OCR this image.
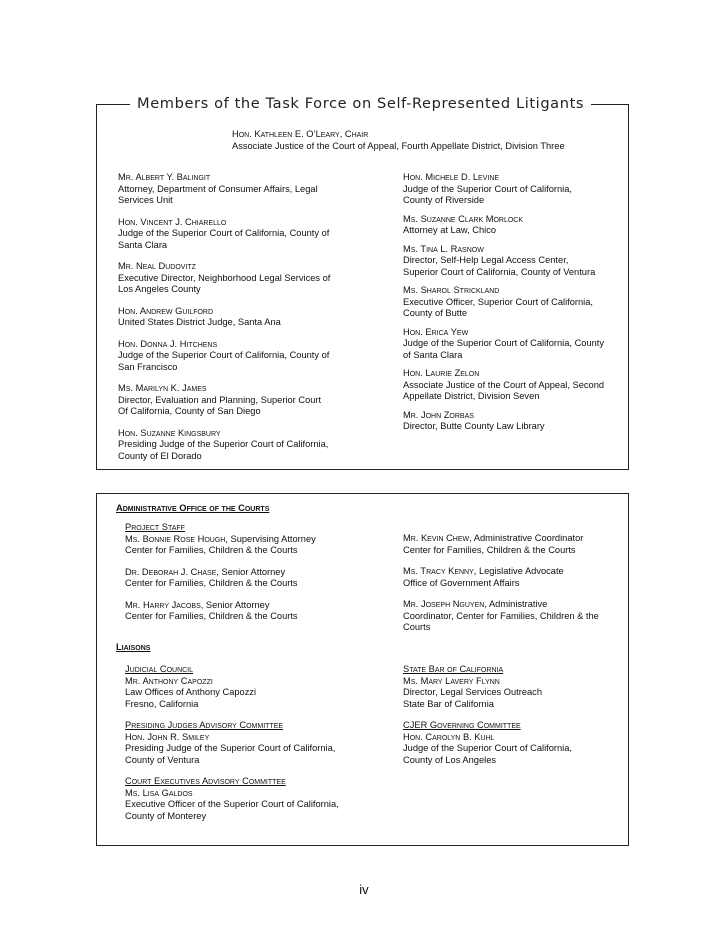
Members of the Task Force on Self-Represented Litigants
Hon. Kathleen E. O’Leary, Chair
Associate Justice of the Court of Appeal, Fourth Appellate District, Division Three
Mr. Albert Y. Balingit
Attorney, Department of Consumer Affairs, Legal
Services Unit
Hon. Vincent J. Chiarello
Judge of the Superior Court of California, County of
Santa Clara
Mr. Neal Dudovitz
Executive Director, Neighborhood Legal Services of
Los Angeles County
Hon. Andrew Guilford
United States District Judge, Santa Ana
Hon. Donna J. Hitchens
Judge of the Superior Court of California, County of
San Francisco
Ms. Marilyn K. James
Director, Evaluation and Planning, Superior Court
Of California, County of San Diego
Hon. Suzanne Kingsbury
Presiding Judge of the Superior Court of California,
County of El Dorado
Hon. Michele D. Levine
Judge of the Superior Court of California,
County of Riverside
Ms. Suzanne Clark Morlock
Attorney at Law, Chico
Ms. Tina L. Rasnow
Director, Self-Help Legal Access Center,
Superior Court of California, County of Ventura
Ms. Sharol Strickland
Executive Officer, Superior Court of California,
County of Butte
Hon. Erica Yew
Judge of the Superior Court of California, County
of Santa Clara
Hon. Laurie Zelon
Associate Justice of the Court of Appeal, Second
Appellate District, Division Seven
Mr. John Zorbas
Director, Butte County Law Library
Administrative Office of the Courts
Project Staff
Ms. Bonnie Rose Hough, Supervising Attorney
Center for Families, Children & the Courts
Dr. Deborah J. Chase, Senior Attorney
Center for Families, Children & the Courts
Mr. Harry Jacobs, Senior Attorney
Center for Families, Children & the Courts
Mr. Kevin Chew, Administrative Coordinator
Center for Families, Children & the Courts
Ms. Tracy Kenny, Legislative Advocate
Office of Government Affairs
Mr. Joseph Nguyen, Administrative
Coordinator, Center for Families, Children & the
Courts
Liaisons
Judicial Council
Mr. Anthony Capozzi
Law Offices of Anthony Capozzi
Fresno, California
Presiding Judges Advisory Committee
Hon. John R. Smiley
Presiding Judge of the Superior Court of California,
County of Ventura
Court Executives Advisory Committee
Ms. Lisa Galdos
Executive Officer of the Superior Court of California,
County of Monterey
State Bar of California
Ms. Mary Lavery Flynn
Director, Legal Services Outreach
State Bar of California
CJER Governing Committee
Hon. Carolyn B. Kuhl
Judge of the Superior Court of California,
County of Los Angeles
iv
